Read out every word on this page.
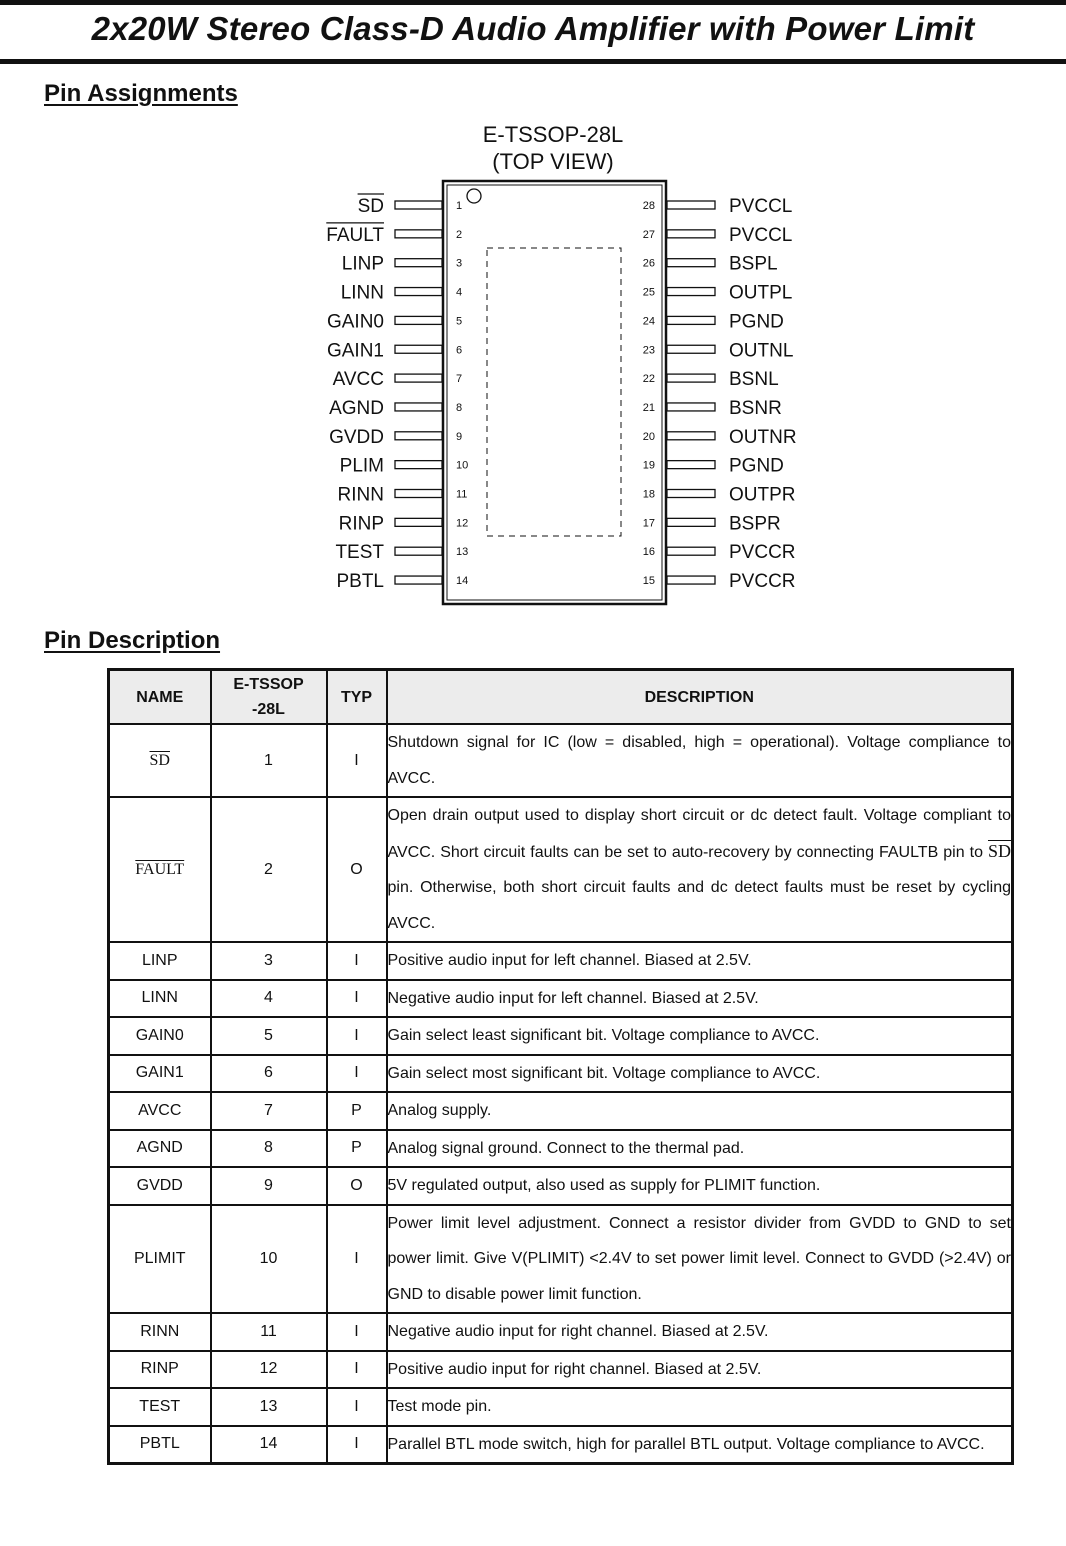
2x20W Stereo Class-D Audio Amplifier with Power Limit
Pin Assignments
E-TSSOP-28L
(TOP VIEW)
1
SD
2
FAULT
3
LINP
4
LINN
5
GAIN0
6
GAIN1
7
AVCC
8
AGND
9
GVDD
10
PLIM
11
RINN
12
RINP
13
TEST
14
PBTL
28	PVCCL
27	PVCCL
26	BSPL
25	OUTPL
24	PGND
23	OUTNL
22	BSNL
21	BSNR
20	OUTNR
19	PGND
18	OUTPR
17	BSPR
16	PVCCR
15	PVCCR
Pin Description
NAME	E-TSSOP
-28L	TYP	DESCRIPTION
$\overline{SD}$	1	I	Shutdown signal for IC (low = disabled, high = operational). Voltage compliance to AVCC.
FAULT	2	O	Open drain output used to display short circuit or dc detect fault. Voltage compliant to AVCC. Short circuit faults can be set to auto-recovery by connecting FAULTB pin to $\overline{SD}$ pin. Otherwise, both short circuit faults and dc detect faults must be reset by cycling AVCC.
LINP	3	I	Positive audio input for left channel. Biased at 2.5V.
LINN	4	I	Negative audio input for left channel. Biased at 2.5V.
GAIN0	5	I	Gain select least significant bit. Voltage compliance to AVCC.
GAIN1	6	I	Gain select most significant bit. Voltage compliance to AVCC.
AVCC	7	P	Analog supply.
AGND	8	P	Analog signal ground. Connect to the thermal pad.
GVDD	9	O	5V regulated output, also used as supply for PLIMIT function.
PLIMIT	10	I	Power limit level adjustment. Connect a resistor divider from GVDD to GND to set power limit. Give V(PLIMIT) <2.4V to set power limit level. Connect to GVDD (>2.4V) or GND to disable power limit function.
RINN	11	I	Negative audio input for right channel. Biased at 2.5V.
RINP	12	I	Positive audio input for right channel. Biased at 2.5V.
TEST	13	I	Test mode pin.
PBTL	14	I	Parallel BTL mode switch, high for parallel BTL output. Voltage compliance to AVCC.
